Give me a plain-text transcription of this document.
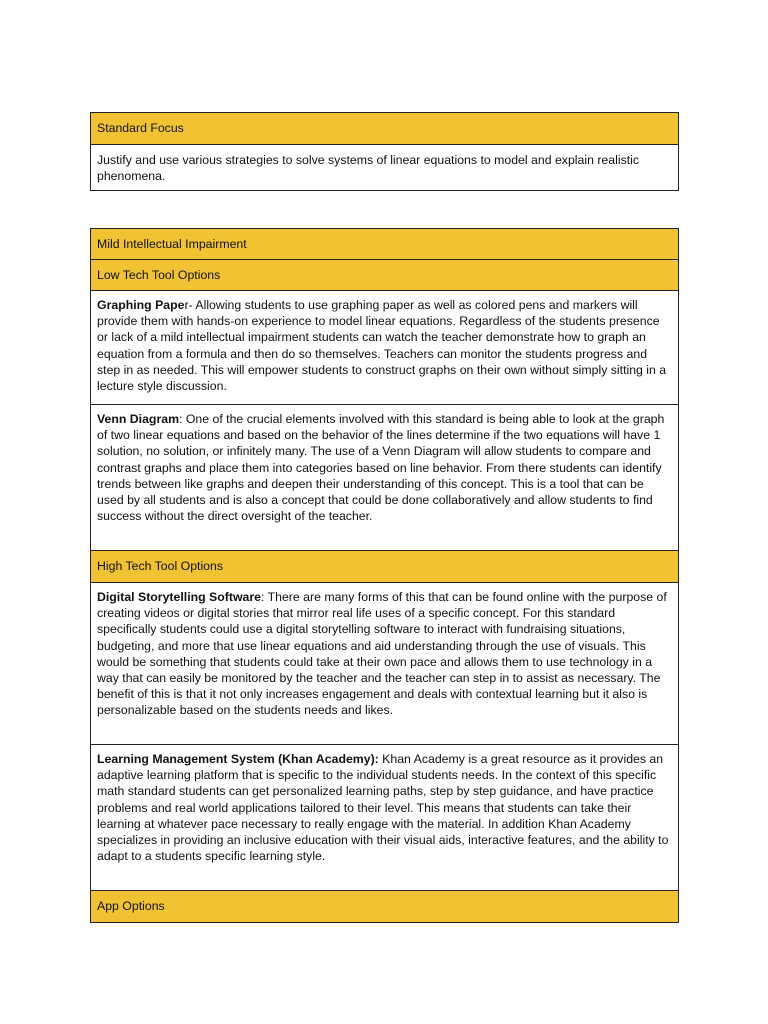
Standard Focus
Justify and use various strategies to solve systems of linear equations to model and explain realistic phenomena.
Mild Intellectual Impairment
Low Tech Tool Options
Graphing Paper- Allowing students to use graphing paper as well as colored pens and markers will provide them with hands-on experience to model linear equations. Regardless of the students presence or lack of a mild intellectual impairment students can watch the teacher demonstrate how to graph an equation from a formula and then do so themselves. Teachers can monitor the students progress and step in as needed. This will empower students to construct graphs on their own without simply sitting in a lecture style discussion.
Venn Diagram: One of the crucial elements involved with this standard is being able to look at the graph of two linear equations and based on the behavior of the lines determine if the two equations will have 1 solution, no solution, or infinitely many. The use of a Venn Diagram will allow students to compare and contrast graphs and place them into categories based on line behavior. From there students can identify trends between like graphs and deepen their understanding of this concept. This is a tool that can be used by all students and is also a concept that could be done collaboratively and allow students to find success without the direct oversight of the teacher.
High Tech Tool Options
Digital Storytelling Software: There are many forms of this that can be found online with the purpose of creating videos or digital stories that mirror real life uses of a specific concept. For this standard specifically students could use a digital storytelling software to interact with fundraising situations, budgeting, and more that use linear equations and aid understanding through the use of visuals. This would be something that students could take at their own pace and allows them to use technology in a way that can easily be monitored by the teacher and the teacher can step in to assist as necessary. The benefit of this is that it not only increases engagement and deals with contextual learning but it also is personalizable based on the students needs and likes.
Learning Management System (Khan Academy): Khan Academy is a great resource as it provides an adaptive learning platform that is specific to the individual students needs. In the context of this specific math standard students can get personalized learning paths, step by step guidance, and have practice problems and real world applications tailored to their level. This means that students can take their learning at whatever pace necessary to really engage with the material. In addition Khan Academy specializes in providing an inclusive education with their visual aids, interactive features, and the ability to adapt to a students specific learning style.
App Options
